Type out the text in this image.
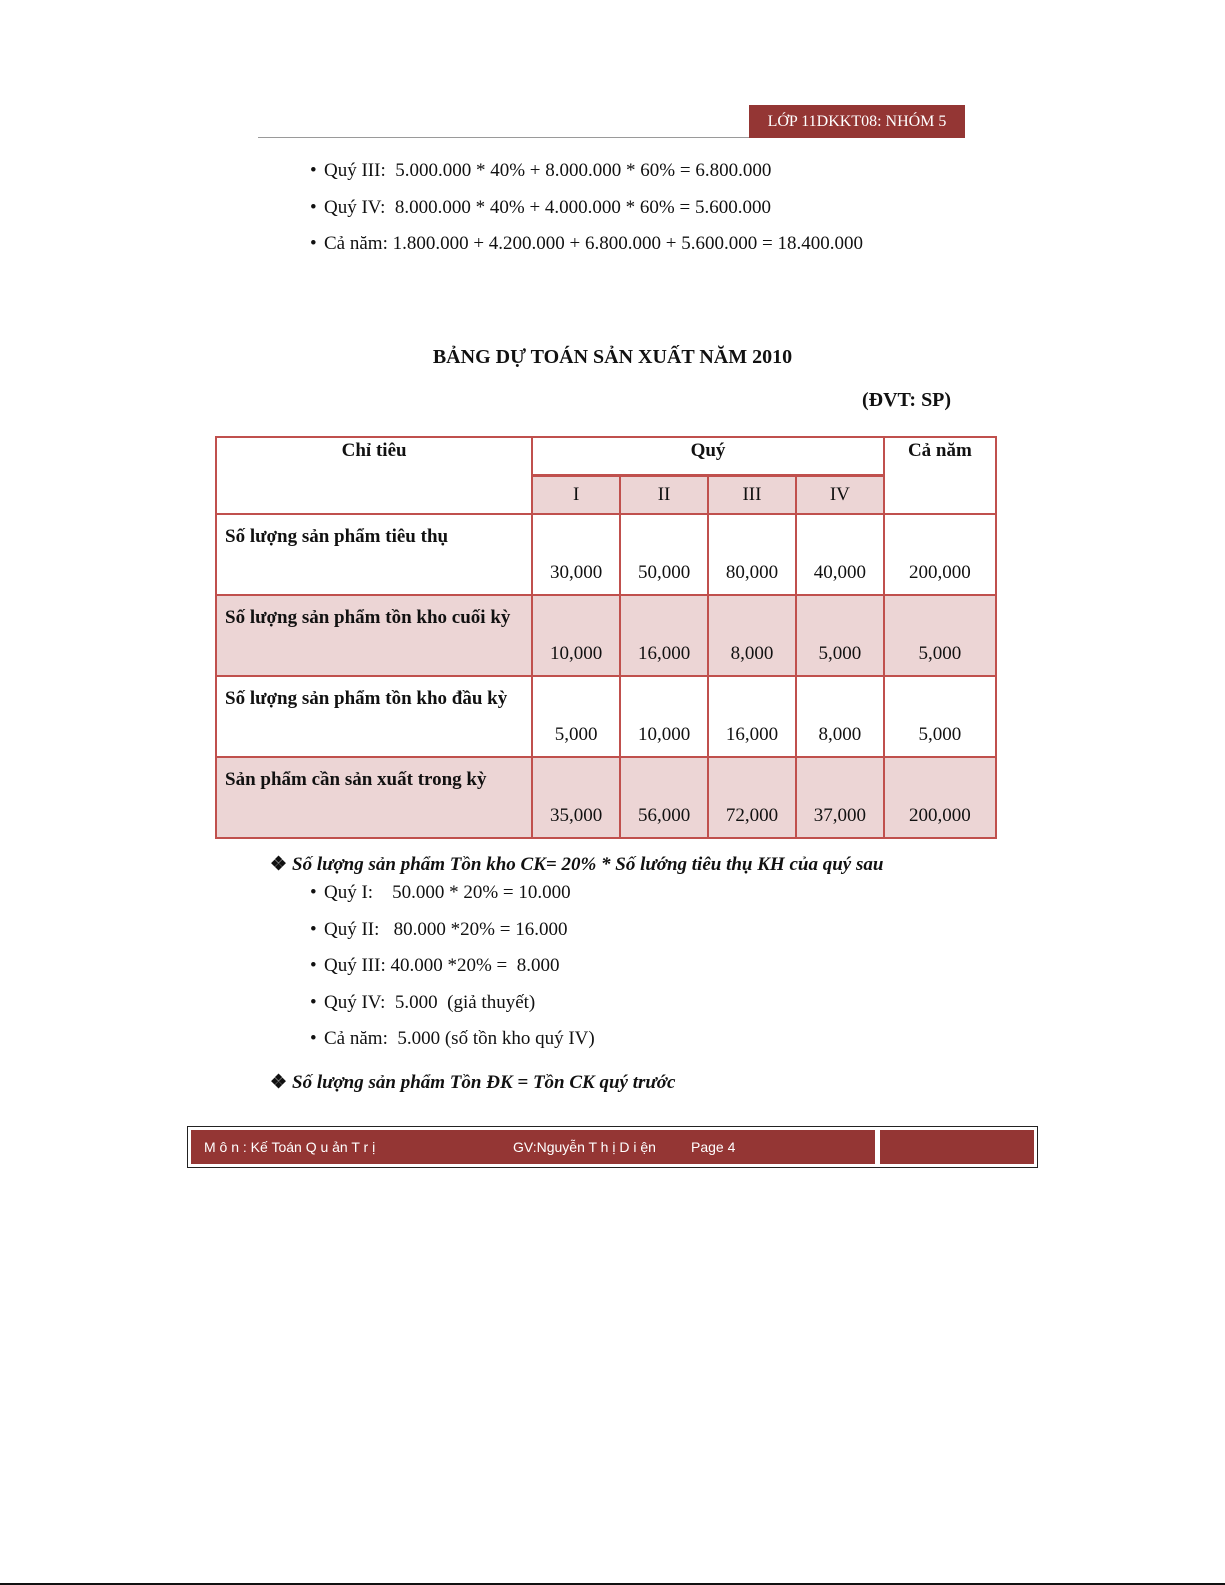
LỚP 11DKKT08: NHÓM 5
• Quý III:  5.000.000 * 40% + 8.000.000 * 60% = 6.800.000
• Quý IV:  8.000.000 * 40% + 4.000.000 * 60% = 5.600.000
• Cả năm: 1.800.000 + 4.200.000 + 6.800.000 + 5.600.000 = 18.400.000
BẢNG DỰ TOÁN SẢN XUẤT NĂM 2010
(ĐVT: SP)
Chỉ tiêu	Quý				Cả năm
	I	II	III	IV	
Số lượng sản phẩm tiêu thụ	30,000	50,000	80,000	40,000	200,000
Số lượng sản phẩm tồn kho cuối kỳ	10,000	16,000	8,000	5,000	5,000
Số lượng sản phẩm tồn kho đầu kỳ	5,000	10,000	16,000	8,000	5,000
Sản phẩm cần sản xuất trong kỳ	35,000	56,000	72,000	37,000	200,000
❖ Số lượng sản phẩm Tồn kho CK= 20% * Số lướng tiêu thụ KH của quý sau
• Quý I:    50.000 * 20% = 10.000
• Quý II:   80.000 *20% = 16.000
• Quý III: 40.000 *20% =  8.000
• Quý IV:  5.000  (giả thuyết)
• Cả năm:  5.000 (số tồn kho quý IV)
❖ Số lượng sản phẩm Tồn ĐK = Tồn CK quý trước
M ô n : Kế Toán Q u ản T r ị	GV:Nguyễn T h ị D i ện	Page 4
